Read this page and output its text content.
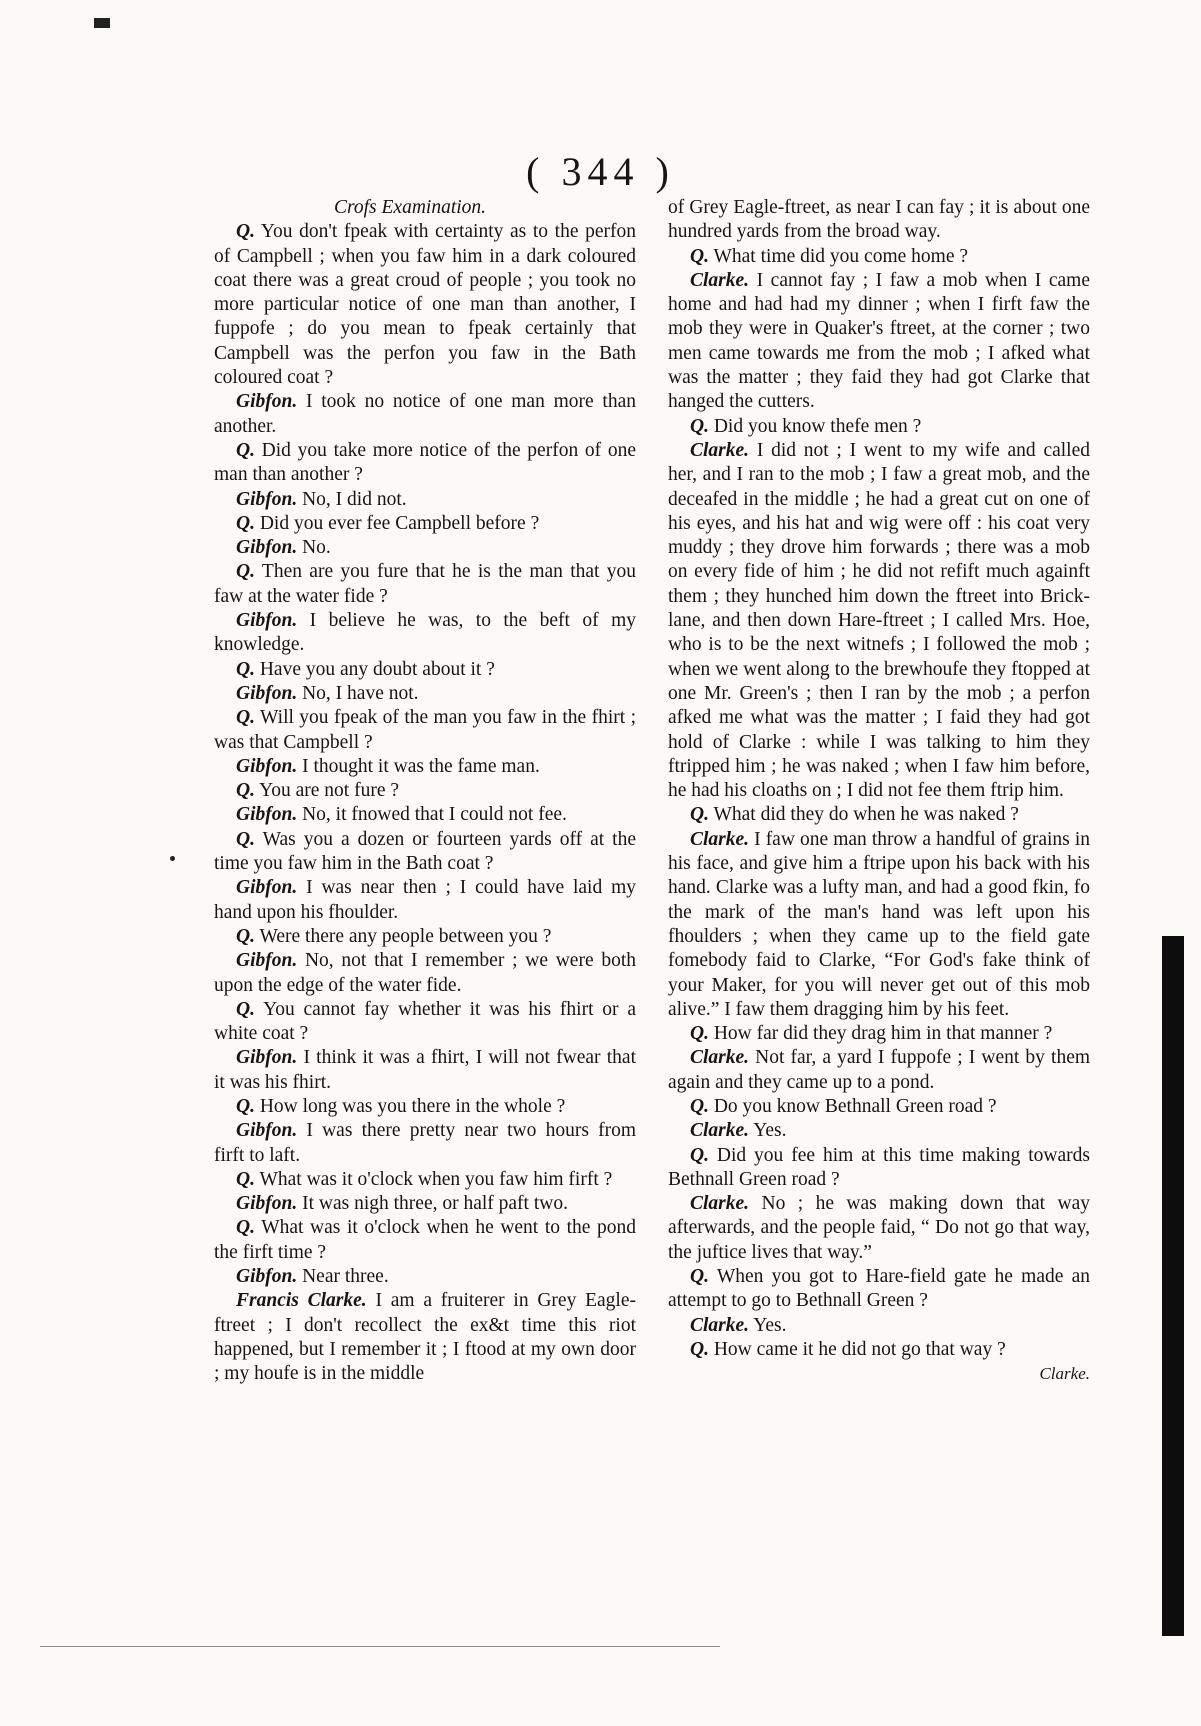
( 344 )

Crofs Examination.

Q. You don't fpeak with certainty as to the perfon of Campbell ; when you faw him in a dark coloured coat there was a great croud of people ; you took no more particular notice of one man than another, I fuppofe ; do you mean to fpeak certainly that Campbell was the perfon you faw in the Bath coloured coat ?

Gibfon. I took no notice of one man more than another.

Q. Did you take more notice of the perfon of one man than another ?

Gibfon. No, I did not.

Q. Did you ever fee Campbell before ?

Gibfon. No.

Q. Then are you fure that he is the man that you faw at the water fide ?

Gibfon. I believe he was, to the beft of my knowledge.

Q. Have you any doubt about it ?

Gibfon. No, I have not.

Q. Will you fpeak of the man you faw in the fhirt ; was that Campbell ?

Gibfon. I thought it was the fame man.

Q. You are not fure ?

Gibfon. No, it fnowed that I could not fee.

Q. Was you a dozen or fourteen yards off at the time you faw him in the Bath coat ?

Gibfon. I was near then ; I could have laid my hand upon his fhoulder.

Q. Were there any people between you ?

Gibfon. No, not that I remember ; we were both upon the edge of the water fide.

Q. You cannot fay whether it was his fhirt or a white coat ?

Gibfon. I think it was a fhirt, I will not fwear that it was his fhirt.

Q. How long was you there in the whole ?

Gibfon. I was there pretty near two hours from firft to laft.

Q. What was it o'clock when you faw him firft ?

Gibfon. It was nigh three, or half paft two.

Q. What was it o'clock when he went to the pond the firft time ?

Gibfon. Near three.

Francis Clarke. I am a fruiterer in Grey Eagle-ftreet ; I don't recollect the ex&t time this riot happened, but I remember it ; I ftood at my own door ; my houfe is in the middle

of Grey Eagle-ftreet, as near I can fay ; it is about one hundred yards from the broad way.

Q. What time did you come home ?

Clarke. I cannot fay ; I faw a mob when I came home and had had my dinner ; when I firft faw the mob they were in Quaker's ftreet, at the corner ; two men came towards me from the mob ; I afked what was the matter ; they faid they had got Clarke that hanged the cutters.

Q. Did you know thefe men ?

Clarke. I did not ; I went to my wife and called her, and I ran to the mob ; I faw a great mob, and the deceafed in the middle ; he had a great cut on one of his eyes, and his hat and wig were off : his coat very muddy ; they drove him forwards ; there was a mob on every fide of him ; he did not refift much againft them ; they hunched him down the ftreet into Brick-lane, and then down Hare-ftreet ; I called Mrs. Hoe, who is to be the next witnefs ; I followed the mob ; when we went along to the brewhoufe they ftopped at one Mr. Green's ; then I ran by the mob ; a perfon afked me what was the matter ; I faid they had got hold of Clarke : while I was talking to him they ftripped him ; he was naked ; when I faw him before, he had his cloaths on ; I did not fee them ftrip him.

Q. What did they do when he was naked ?

Clarke. I faw one man throw a handful of grains in his face, and give him a ftripe upon his back with his hand. Clarke was a lufty man, and had a good fkin, fo the mark of the man's hand was left upon his fhoulders ; when they came up to the field gate fomebody faid to Clarke, “For God's fake think of your Maker, for you will never get out of this mob alive.” I faw them dragging him by his feet.

Q. How far did they drag him in that manner ?

Clarke. Not far, a yard I fuppofe ; I went by them again and they came up to a pond.

Q. Do you know Bethnall Green road ?

Clarke. Yes.

Q. Did you fee him at this time making towards Bethnall Green road ?

Clarke. No ; he was making down that way afterwards, and the people faid, “ Do not go that way, the juftice lives that way.”

Q. When you got to Hare-field gate he made an attempt to go to Bethnall Green ?

Clarke. Yes.

Q. How came it he did not go that way ?

Clarke.
